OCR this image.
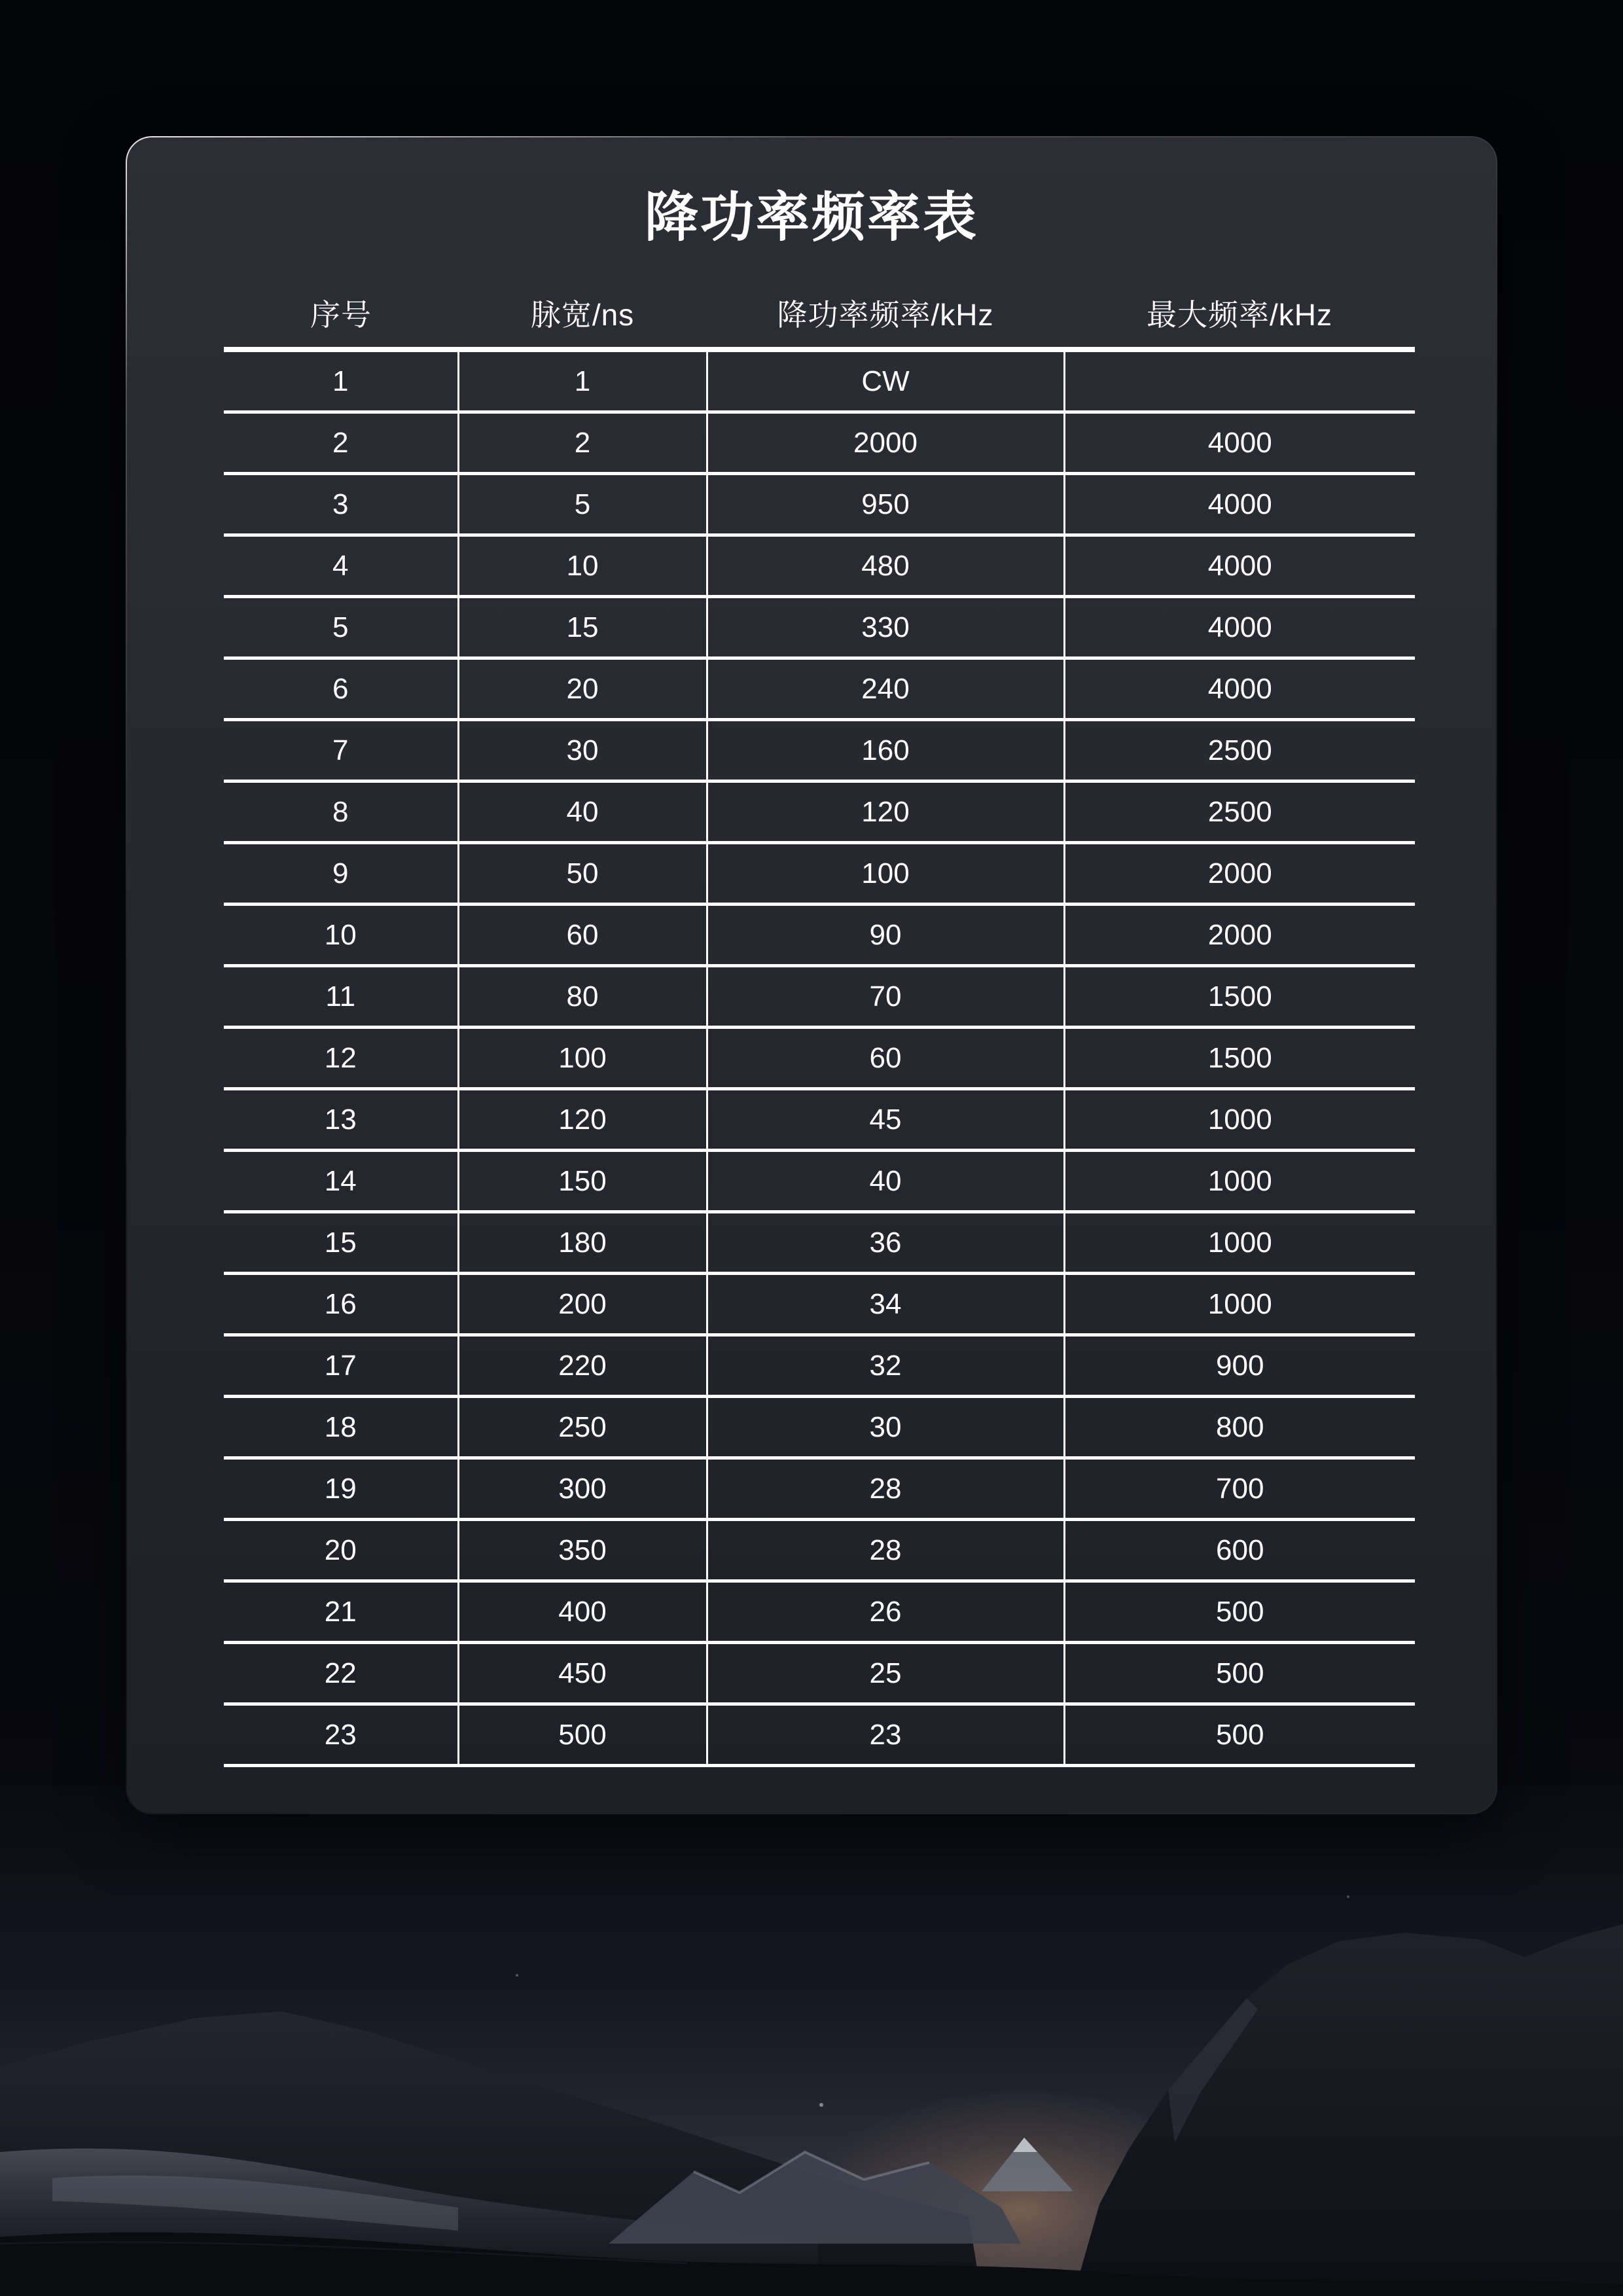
降功率频率表
序号	脉宽/ns	降功率频率/kHz	最大频率/kHz
1	1	CW	
2	2	2000	4000
3	5	950	4000
4	10	480	4000
5	15	330	4000
6	20	240	4000
7	30	160	2500
8	40	120	2500
9	50	100	2000
10	60	90	2000
11	80	70	1500
12	100	60	1500
13	120	45	1000
14	150	40	1000
15	180	36	1000
16	200	34	1000
17	220	32	900
18	250	30	800
19	300	28	700
20	350	28	600
21	400	26	500
22	450	25	500
23	500	23	500
